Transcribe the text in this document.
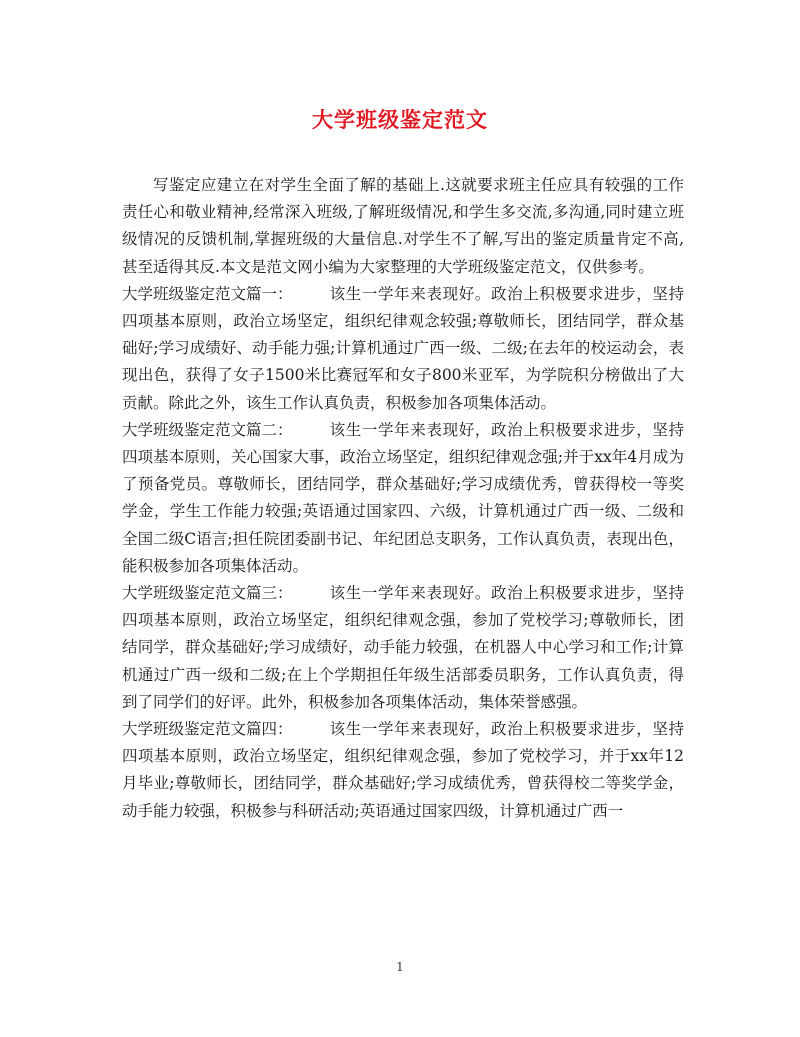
大学班级鉴定范文

写鉴定应建立在对学生全面了解的基础上.这就要求班主任应具有较强的工作责任心和敬业精神,经常深入班级,了解班级情况,和学生多交流,多沟通,同时建立班级情况的反馈机制,掌握班级的大量信息.对学生不了解,写出的鉴定质量肯定不高,甚至适得其反.本文是范文网小编为大家整理的大学班级鉴定范文，仅供参考。

大学班级鉴定范文篇一： 该生一学年来表现好。政治上积极要求进步，坚持四项基本原则，政治立场坚定，组织纪律观念较强;尊敬师长，团结同学，群众基础好;学习成绩好、动手能力强;计算机通过广西一级、二级;在去年的校运动会，表现出色，获得了女子1500米比赛冠军和女子800米亚军，为学院积分榜做出了大贡献。除此之外，该生工作认真负责，积极参加各项集体活动。

大学班级鉴定范文篇二： 该生一学年来表现好，政治上积极要求进步，坚持四项基本原则，关心国家大事，政治立场坚定，组织纪律观念强;并于xx年4月成为了预备党员。尊敬师长，团结同学，群众基础好;学习成绩优秀，曾获得校一等奖学金，学生工作能力较强;英语通过国家四、六级，计算机通过广西一级、二级和全国二级C语言;担任院团委副书记、年纪团总支职务，工作认真负责，表现出色，能积极参加各项集体活动。

大学班级鉴定范文篇三： 该生一学年来表现好。政治上积极要求进步，坚持四项基本原则，政治立场坚定，组织纪律观念强，参加了党校学习;尊敬师长，团结同学，群众基础好;学习成绩好，动手能力较强，在机器人中心学习和工作;计算机通过广西一级和二级;在上个学期担任年级生活部委员职务，工作认真负责，得到了同学们的好评。此外，积极参加各项集体活动，集体荣誉感强。

大学班级鉴定范文篇四： 该生一学年来表现好，政治上积极要求进步，坚持四项基本原则，政治立场坚定，组织纪律观念强，参加了党校学习，并于xx年12月毕业;尊敬师长，团结同学，群众基础好;学习成绩优秀，曾获得校二等奖学金，动手能力较强，积极参与科研活动;英语通过国家四级，计算机通过广西一

1
